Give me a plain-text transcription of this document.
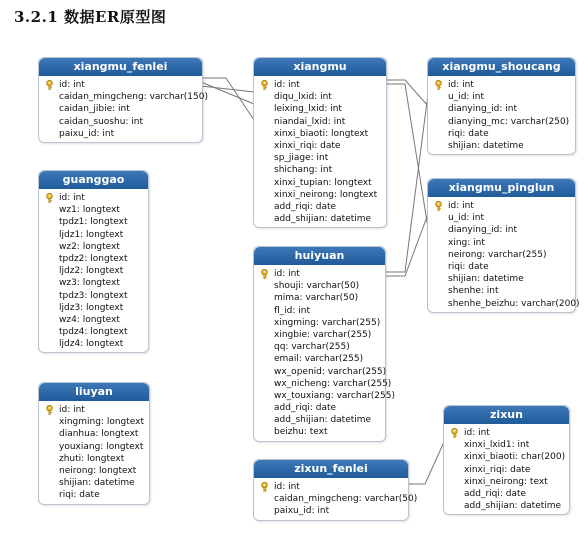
3.2.1 数据ER原型图
xiangmu_fenlei
id: int
caidan_mingcheng: varchar(150)
caidan_jibie: int
caidan_suoshu: int
paixu_id: int
guanggao
id: int
wz1: longtext
tpdz1: longtext
ljdz1: longtext
wz2: longtext
tpdz2: longtext
ljdz2: longtext
wz3: longtext
tpdz3: longtext
ljdz3: longtext
wz4: longtext
tpdz4: longtext
ljdz4: longtext
liuyan
id: int
xingming: longtext
dianhua: longtext
youxiang: longtext
zhuti: longtext
neirong: longtext
shijian: datetime
riqi: date
xiangmu
id: int
diqu_lxid: int
leixing_lxid: int
niandai_lxid: int
xinxi_biaoti: longtext
xinxi_riqi: date
sp_jiage: int
shichang: int
xinxi_tupian: longtext
xinxi_neirong: longtext
add_riqi: date
add_shijian: datetime
huiyuan
id: int
shouji: varchar(50)
mima: varchar(50)
fl_id: int
xingming: varchar(255)
xingbie: varchar(255)
qq: varchar(255)
email: varchar(255)
wx_openid: varchar(255)
wx_nicheng: varchar(255)
wx_touxiang: varchar(255)
add_riqi: date
add_shijian: datetime
beizhu: text
zixun_fenlei
id: int
caidan_mingcheng: varchar(50)
paixu_id: int
xiangmu_shoucang
id: int
u_id: int
dianying_id: int
dianying_mc: varchar(250)
riqi: date
shijian: datetime
xiangmu_pinglun
id: int
u_id: int
dianying_id: int
xing: int
neirong: varchar(255)
riqi: date
shijian: datetime
shenhe: int
shenhe_beizhu: varchar(200)
zixun
id: int
xinxi_lxid1: int
xinxi_biaoti: char(200)
xinxi_riqi: date
xinxi_neirong: text
add_riqi: date
add_shijian: datetime
